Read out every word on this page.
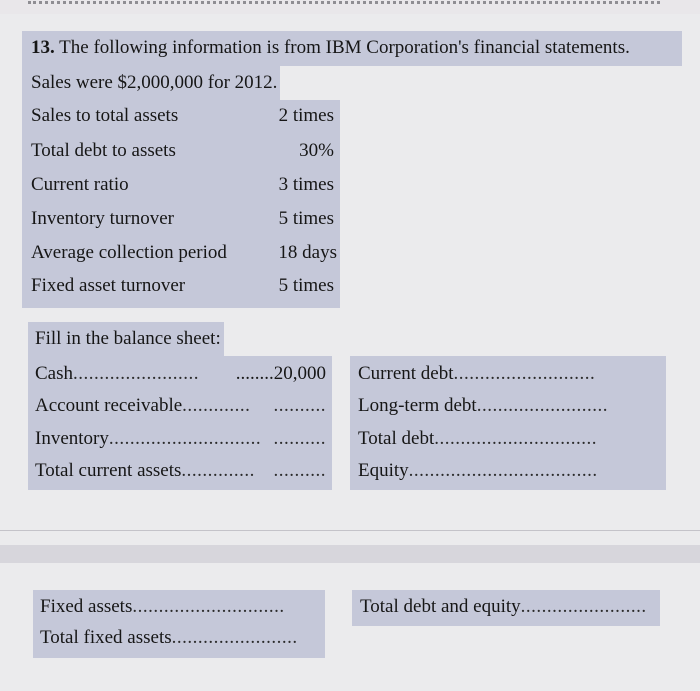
13. The following information is from IBM Corporation's financial statements.
Sales were $2,000,000 for 2012.
Sales to total assets	2 times
Total debt to assets	30%
Current ratio	3 times
Inventory turnover	5 times
Average collection period	18 days
Fixed asset turnover	5 times
Fill in the balance sheet:
Cash........................	........20,000
Account receivable.............	..........
Inventory............................. ..........
Total current assets.............. ..........
Current debt...........................
Long-term debt.........................
Total debt...............................
Equity....................................
Fixed assets.............................
Total fixed assets........................
Total debt and equity........................
